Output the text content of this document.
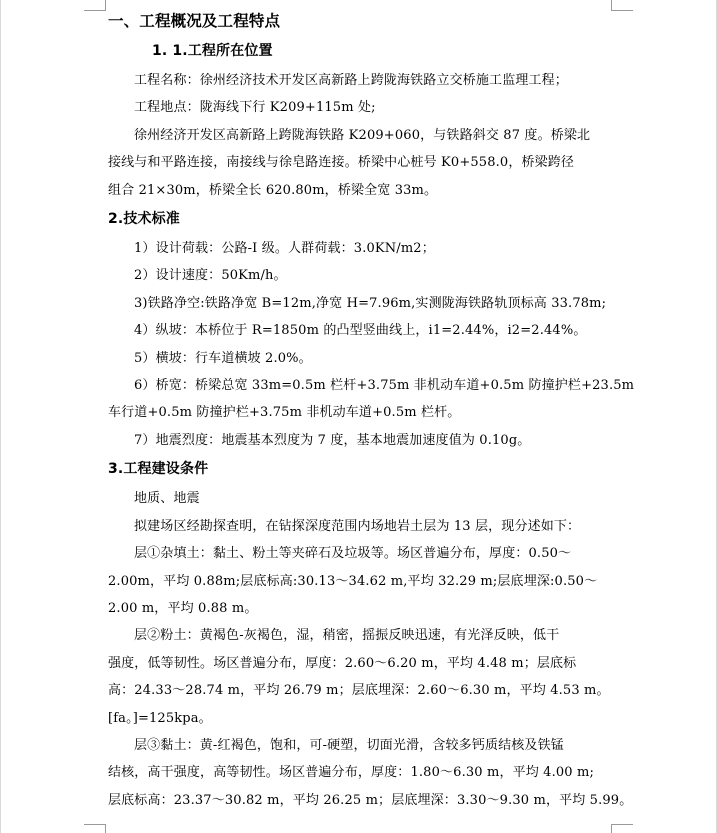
一、工程概况及工程特点
1. 1.工程所在位置
工程名称：徐州经济技术开发区高新路上跨陇海铁路立交桥施工监理工程；
工程地点：陇海线下行 K209+115m 处;
徐州经济开发区高新路上跨陇海铁路 K209+060，与铁路斜交 87 度。桥梁北
接线与和平路连接，南接线与徐皂路连接。桥梁中心桩号 K0+558.0，桥梁跨径
组合 21×30m，桥梁全长 620.80m，桥梁全宽 33m。
2.技术标准
1）设计荷载：公路-I 级。人群荷载：3.0KN/m2；
2）设计速度：50Km/h。
3)铁路净空:铁路净宽 B=12m,净宽 H=7.96m,实测陇海铁路轨顶标高 33.78m;
4）纵坡：本桥位于 R=1850m 的凸型竖曲线上，i1=2.44%，i2=2.44%。
5）横坡：行车道横坡 2.0%。
6）桥宽：桥梁总宽 33m=0.5m 栏杆+3.75m 非机动车道+0.5m 防撞护栏+23.5m
车行道+0.5m 防撞护栏+3.75m 非机动车道+0.5m 栏杆。
7）地震烈度：地震基本烈度为 7 度，基本地震加速度值为 0.10g。
3.工程建设条件
地质、地震
拟建场区经勘探查明，在钻探深度范围内场地岩土层为 13 层，现分述如下：
层①杂填土：黏土、粉土等夹碎石及垃圾等。场区普遍分布，厚度：0.50～
2.00m，平均 0.88m;层底标高:30.13～34.62 m,平均 32.29 m;层底埋深:0.50～
2.00 m，平均 0.88 m。
层②粉土：黄褐色-灰褐色，湿，稍密，摇振反映迅速，有光泽反映，低干
强度，低等韧性。场区普遍分布，厚度：2.60～6.20 m，平均 4.48 m；层底标
高：24.33～28.74 m，平均 26.79 m；层底埋深：2.60～6.30 m，平均 4.53 m。
[fa。]=125kpa。
层③黏土：黄-红褐色，饱和，可-硬塑，切面光滑，含较多钙质结核及铁锰
结核，高干强度，高等韧性。场区普遍分布，厚度：1.80～6.30 m，平均 4.00 m;
层底标高：23.37～30.82 m，平均 26.25 m；层底埋深：3.30～9.30 m，平均 5.99。
